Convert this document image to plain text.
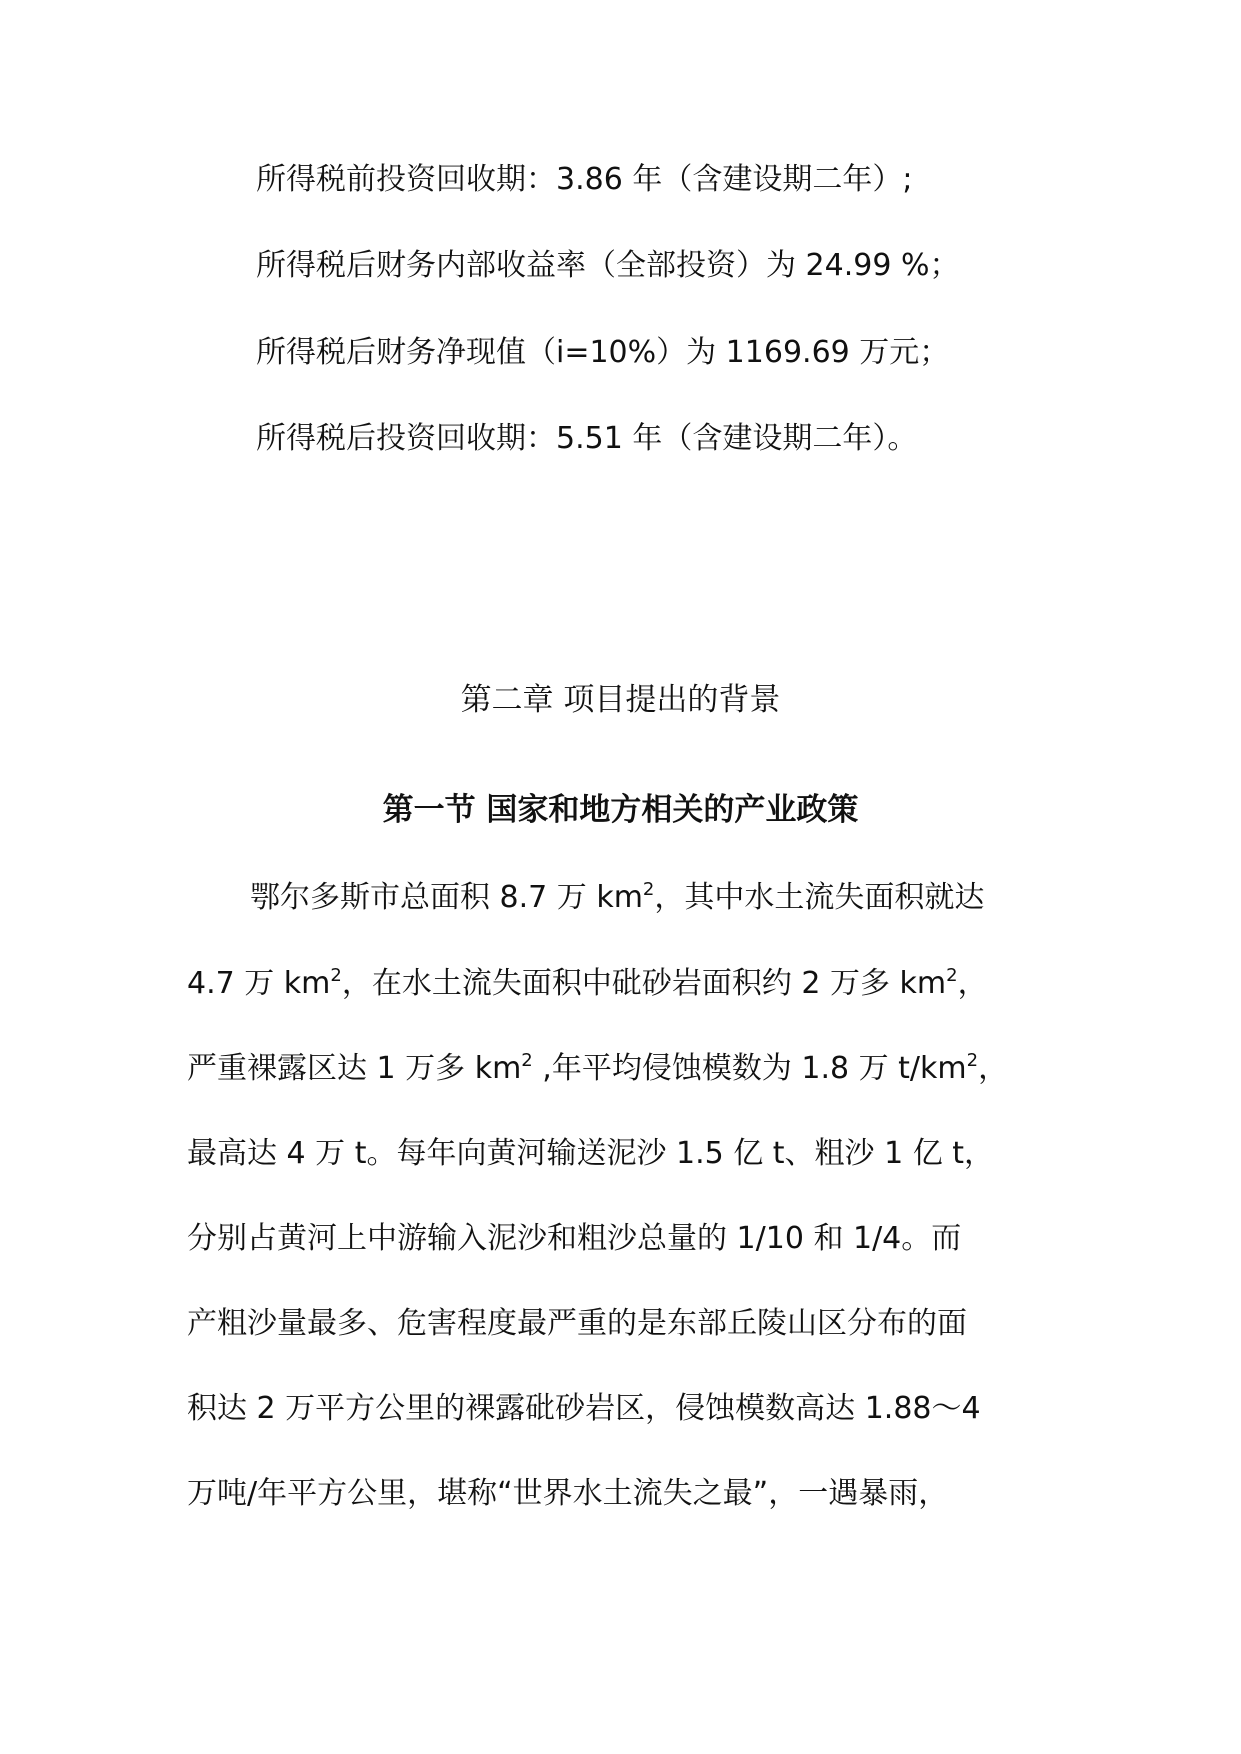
所得税前投资回收期：3.86 年（含建设期二年）;
所得税后财务内部收益率（全部投资）为 24.99 %；
所得税后财务净现值（i=10%）为 1169.69 万元；
所得税后投资回收期：5.51 年（含建设期二年）。
第二章 项目提出的背景
第一节 国家和地方相关的产业政策
鄂尔多斯市总面积 8.7 万 $km^2$，其中水土流失面积就达
4.7 万 $km^2$，在水土流失面积中砒砂岩面积约 2 万多 $km^2$，
严重裸露区达 1 万多 $km^2$ ,年平均侵蚀模数为 1.8 万 $t/km^2$，
最高达 4 万 t。每年向黄河输送泥沙 1.5 亿 t、粗沙 1 亿 t，
分别占黄河上中游输入泥沙和粗沙总量的 1/10 和 1/4。而
产粗沙量最多、危害程度最严重的是东部丘陵山区分布的面
积达 2 万平方公里的裸露砒砂岩区，侵蚀模数高达 1.88～4
万吨/年平方公里，堪称“世界水土流失之最”，一遇暴雨，
